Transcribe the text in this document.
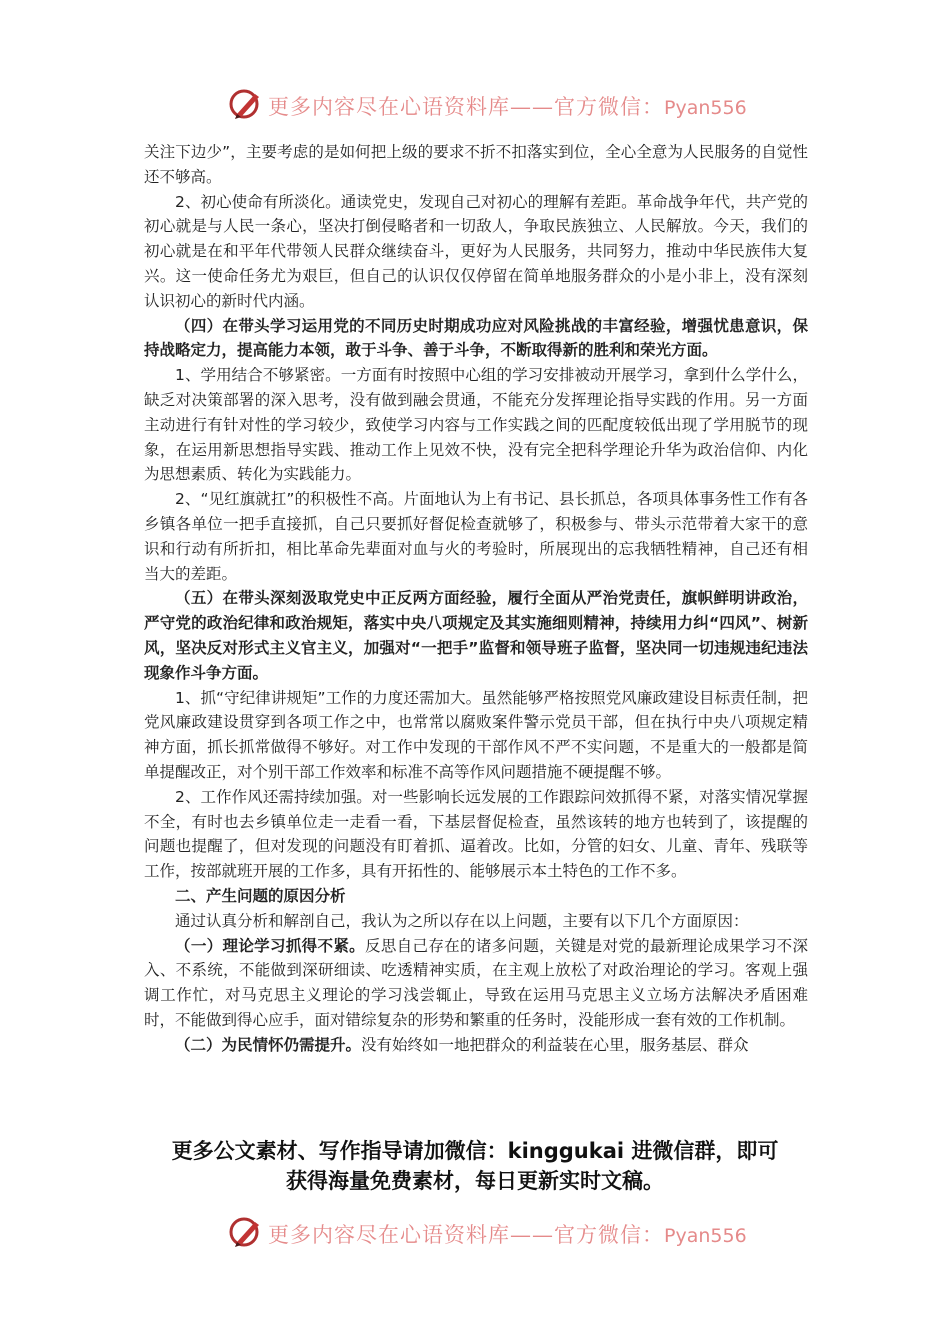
更多内容尽在心语资料库——官方微信：Pyan556

关注下边少”，主要考虑的是如何把上级的要求不折不扣落实到位，全心全意为人民服务的自觉性还不够高。

2、初心使命有所淡化。通读党史，发现自己对初心的理解有差距。革命战争年代，共产党的初心就是与人民一条心，坚决打倒侵略者和一切敌人，争取民族独立、人民解放。今天，我们的初心就是在和平年代带领人民群众继续奋斗，更好为人民服务，共同努力，推动中华民族伟大复兴。这一使命任务尤为艰巨，但自己的认识仅仅停留在简单地服务群众的小是小非上，没有深刻认识初心的新时代内涵。

（四）在带头学习运用党的不同历史时期成功应对风险挑战的丰富经验，增强忧患意识，保持战略定力，提高能力本领，敢于斗争、善于斗争，不断取得新的胜利和荣光方面。

1、学用结合不够紧密。一方面有时按照中心组的学习安排被动开展学习，拿到什么学什么，缺乏对决策部署的深入思考，没有做到融会贯通，不能充分发挥理论指导实践的作用。另一方面主动进行有针对性的学习较少，致使学习内容与工作实践之间的匹配度较低出现了学用脱节的现象，在运用新思想指导实践、推动工作上见效不快，没有完全把科学理论升华为政治信仰、内化为思想素质、转化为实践能力。

2、“见红旗就扛”的积极性不高。片面地认为上有书记、县长抓总，各项具体事务性工作有各乡镇各单位一把手直接抓，自己只要抓好督促检查就够了，积极参与、带头示范带着大家干的意识和行动有所折扣，相比革命先辈面对血与火的考验时，所展现出的忘我牺牲精神，自己还有相当大的差距。

（五）在带头深刻汲取党史中正反两方面经验，履行全面从严治党责任，旗帜鲜明讲政治，严守党的政治纪律和政治规矩，落实中央八项规定及其实施细则精神，持续用力纠“四风”、树新风，坚决反对形式主义官主义，加强对“一把手”监督和领导班子监督，坚决同一切违规违纪违法现象作斗争方面。

1、抓“守纪律讲规矩”工作的力度还需加大。虽然能够严格按照党风廉政建设目标责任制，把党风廉政建设贯穿到各项工作之中，也常常以腐败案件警示党员干部，但在执行中央八项规定精神方面，抓长抓常做得不够好。对工作中发现的干部作风不严不实问题，不是重大的一般都是简单提醒改正，对个别干部工作效率和标准不高等作风问题措施不硬提醒不够。

2、工作作风还需持续加强。对一些影响长远发展的工作跟踪问效抓得不紧，对落实情况掌握不全，有时也去乡镇单位走一走看一看，下基层督促检查，虽然该转的地方也转到了，该提醒的问题也提醒了，但对发现的问题没有盯着抓、逼着改。比如，分管的妇女、儿童、青年、残联等工作，按部就班开展的工作多，具有开拓性的、能够展示本土特色的工作不多。

二、产生问题的原因分析

通过认真分析和解剖自己，我认为之所以存在以上问题，主要有以下几个方面原因：

（一）理论学习抓得不紧。反思自己存在的诸多问题，关键是对党的最新理论成果学习不深入、不系统，不能做到深研细读、吃透精神实质，在主观上放松了对政治理论的学习。客观上强调工作忙，对马克思主义理论的学习浅尝辄止，导致在运用马克思主义立场方法解决矛盾困难时，不能做到得心应手，面对错综复杂的形势和繁重的任务时，没能形成一套有效的工作机制。

（二）为民情怀仍需提升。没有始终如一地把群众的利益装在心里，服务基层、群众

更多公文素材、写作指导请加微信：kinggukai 进微信群，即可
获得海量免费素材，每日更新实时文稿。
更多内容尽在心语资料库——官方微信：Pyan556
